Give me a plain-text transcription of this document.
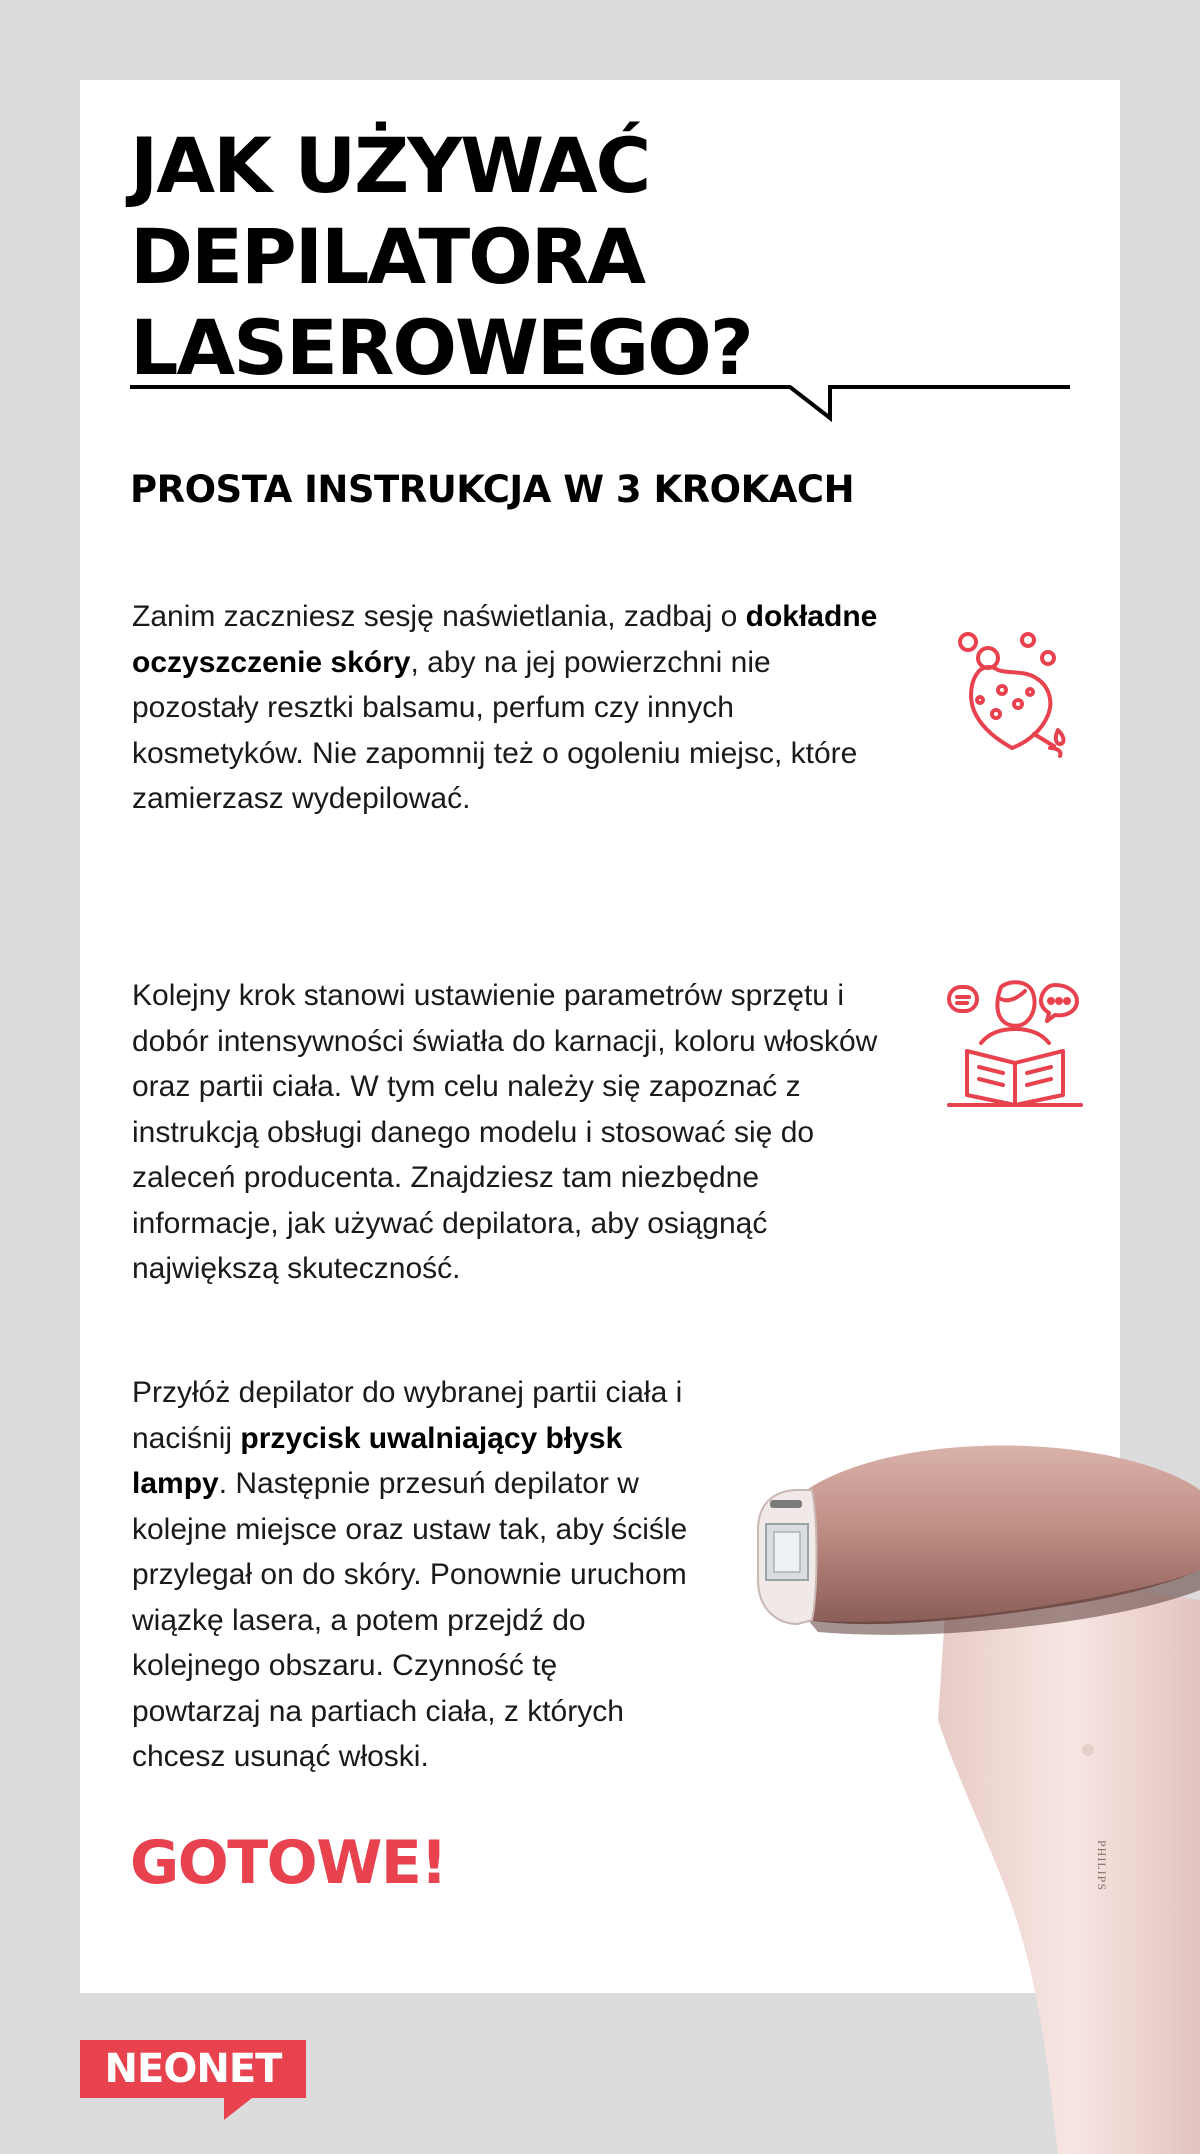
JAK UŻYWAĆ
DEPILATORA
LASEROWEGO?
PROSTA INSTRUKCJA W 3 KROKACH

Zanim zaczniesz sesję naświetlania, zadbaj o dokładne oczyszczenie skóry, aby na jej powierzchni nie pozostały resztki balsamu, perfum czy innych kosmetyków. Nie zapomnij też o ogoleniu miejsc, które zamierzasz wydepilować.

Kolejny krok stanowi ustawienie parametrów sprzętu i dobór intensywności światła do karnacji, koloru włosków oraz partii ciała. W tym celu należy się zapoznać z instrukcją obsługi danego modelu i stosować się do zaleceń producenta. Znajdziesz tam niezbędne informacje, jak używać depilatora, aby osiągnąć największą skuteczność.

Przyłóż depilator do wybranej partii ciała i naciśnij przycisk uwalniający błysk lampy. Następnie przesuń depilator w kolejne miejsce oraz ustaw tak, aby ściśle przylegał on do skóry. Ponownie uruchom wiązkę lasera, a potem przejdź do kolejnego obszaru. Czynność tę powtarzaj na partiach ciała, z których chcesz usunąć włoski.

GOTOWE!	PHILIPS
NEONET
